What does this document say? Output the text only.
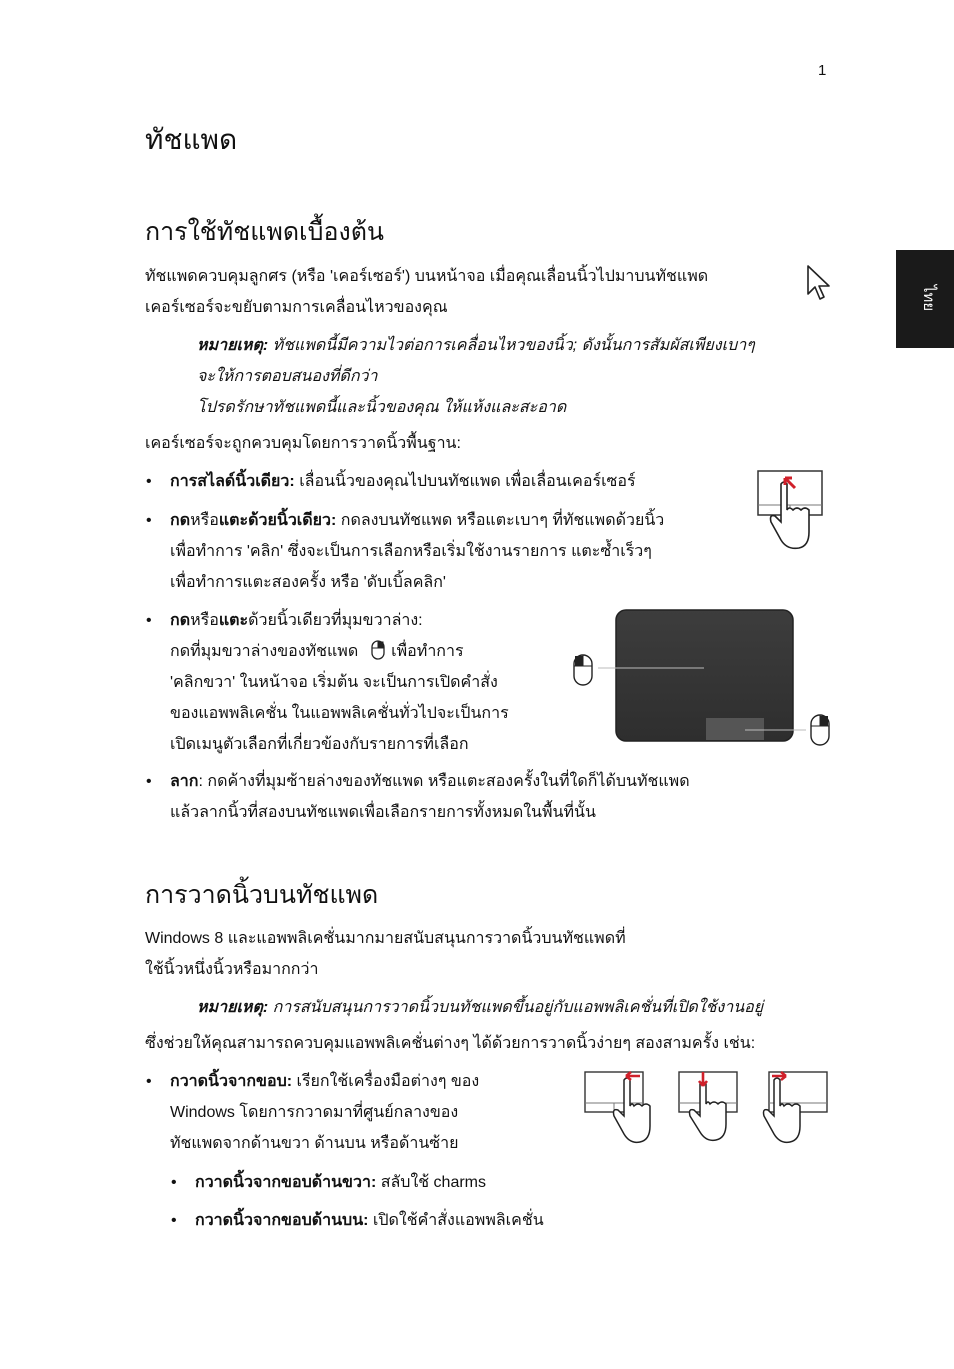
1
ไทย
ทัชแพด
การใช้ทัชแพดเบื้องต้น
ทัชแพดควบคุมลูกศร (หรือ 'เคอร์เซอร์') บนหน้าจอ เมื่อคุณเลื่อนนิ้วไปมาบนทัชแพด
เคอร์เซอร์จะขยับตามการเคลื่อนไหวของคุณ
หมายเหตุ: ทัชแพดนี้มีความไวต่อการเคลื่อนไหวของนิ้ว; ดังนั้นการสัมผัสเพียงเบาๆ
จะให้การตอบสนองที่ดีกว่า
โปรดรักษาทัชแพดนี้และนิ้วของคุณ ให้แห้งและสะอาด
เคอร์เซอร์จะถูกควบคุมโดยการวาดนิ้วพื้นฐาน:
• การสไลด์นิ้วเดียว: เลื่อนนิ้วของคุณไปบนทัชแพด เพื่อเลื่อนเคอร์เซอร์
• กดหรือแตะด้วยนิ้วเดียว: กดลงบนทัชแพด หรือแตะเบาๆ ที่ทัชแพดด้วยนิ้ว
เพื่อทำการ 'คลิก' ซึ่งจะเป็นการเลือกหรือเริ่มใช้งานรายการ แตะซ้ำเร็วๆ
เพื่อทำการแตะสองครั้ง หรือ 'ดับเบิ้ลคลิก'
• กดหรือแตะด้วยนิ้วเดียวที่มุมขวาล่าง:
กดที่มุมขวาล่างของทัชแพด  เพื่อทำการ
'คลิกขวา' ในหน้าจอ เริ่มต้น จะเป็นการเปิดคำสั่ง
ของแอพพลิเคชั่น ในแอพพลิเคชั่นทั่วไปจะเป็นการ
เปิดเมนูตัวเลือกที่เกี่ยวข้องกับรายการที่เลือก
• ลาก: กดค้างที่มุมซ้ายล่างของทัชแพด หรือแตะสองครั้งในที่ใดก็ได้บนทัชแพด
แล้วลากนิ้วที่สองบนทัชแพดเพื่อเลือกรายการทั้งหมดในพื้นที่นั้น
การวาดนิ้วบนทัชแพด
Windows 8 และแอพพลิเคชั่นมากมายสนับสนุนการวาดนิ้วบนทัชแพดที่
ใช้นิ้วหนึ่งนิ้วหรือมากกว่า
หมายเหตุ: การสนับสนุนการวาดนิ้วบนทัชแพดขึ้นอยู่กับแอพพลิเคชั่นที่เปิดใช้งานอยู่
ซึ่งช่วยให้คุณสามารถควบคุมแอพพลิเคชั่นต่างๆ ได้ด้วยการวาดนิ้วง่ายๆ สองสามครั้ง เช่น:
• กวาดนิ้วจากขอบ: เรียกใช้เครื่องมือต่างๆ ของ
Windows โดยการกวาดมาที่ศูนย์กลางของ
ทัชแพดจากด้านขวา ด้านบน หรือด้านซ้าย
• กวาดนิ้วจากขอบด้านขวา: สลับใช้ charms
• กวาดนิ้วจากขอบด้านบน: เปิดใช้คำสั่งแอพพลิเคชั่น
